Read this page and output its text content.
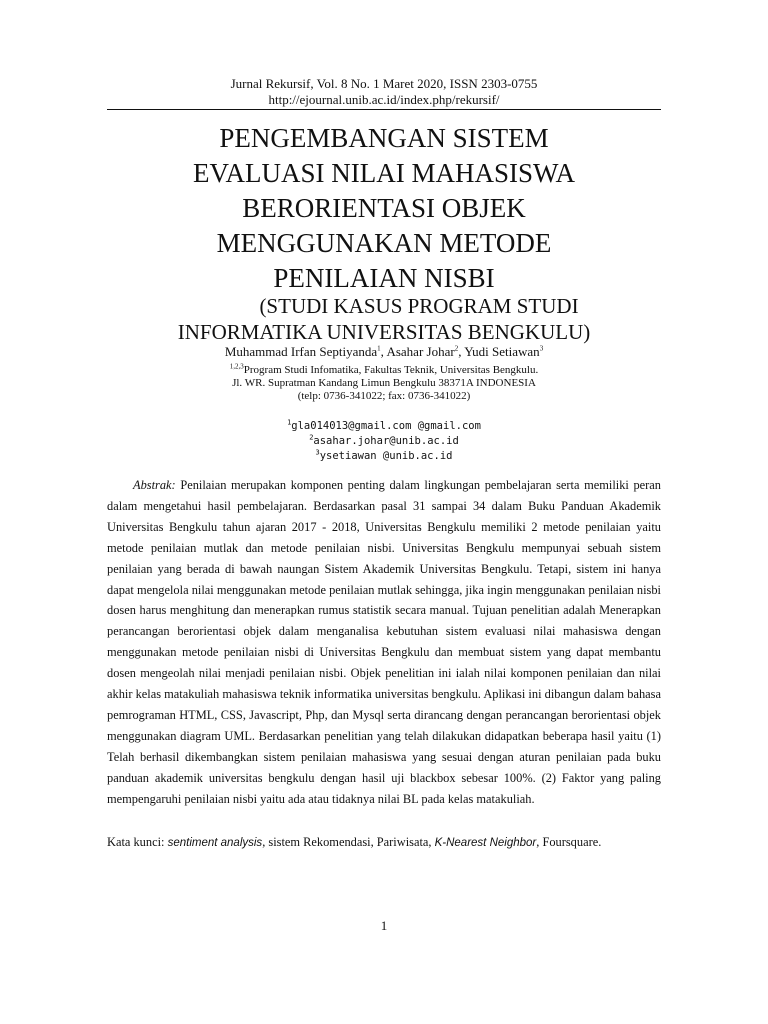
Jurnal Rekursif, Vol. 8 No. 1 Maret 2020, ISSN 2303-0755
http://ejournal.unib.ac.id/index.php/rekursif/
PENGEMBANGAN SISTEM
EVALUASI NILAI MAHASISWA
BERORIENTASI OBJEK
MENGGUNAKAN METODE
PENILAIAN NISBI
(STUDI KASUS PROGRAM STUDI
INFORMATIKA UNIVERSITAS BENGKULU)
Muhammad Irfan Septiyanda$^1$, Asahar Johar$^2$, Yudi Setiawan$^3$
$^{1,2,3}$Program Studi Infomatika, Fakultas Teknik, Universitas Bengkulu.
Jl. WR. Supratman Kandang Limun Bengkulu 38371A INDONESIA
(telp: 0736-341022; fax: 0736-341022)
$^1$gla014013@gmail.com @gmail.com
$^2$asahar.johar@unib.ac.id
$^3$ysetiawan @unib.ac.id

Abstrak: Penilaian merupakan komponen penting dalam lingkungan pembelajaran serta memiliki peran dalam mengetahui hasil pembelajaran. Berdasarkan pasal 31 sampai 34 dalam Buku Panduan Akademik Universitas Bengkulu tahun ajaran 2017 - 2018, Universitas Bengkulu memiliki 2 metode penilaian yaitu metode penilaian mutlak dan metode penilaian nisbi. Universitas Bengkulu mempunyai sebuah sistem penilaian yang berada di bawah naungan Sistem Akademik Universitas Bengkulu. Tetapi, sistem ini hanya dapat mengelola nilai menggunakan metode penilaian mutlak sehingga, jika ingin menggunakan penilaian nisbi dosen harus menghitung dan menerapkan rumus statistik secara manual. Tujuan penelitian adalah Menerapkan perancangan berorientasi objek dalam menganalisa kebutuhan sistem evaluasi nilai mahasiswa dengan menggunakan metode penilaian nisbi di Universitas Bengkulu dan membuat sistem yang dapat membantu dosen mengeolah nilai menjadi penilaian nisbi. Objek penelitian ini ialah nilai komponen penilaian dan nilai akhir kelas matakuliah mahasiswa teknik informatika universitas bengkulu. Aplikasi ini dibangun dalam bahasa pemrograman HTML, CSS, Javascript, Php, dan Mysql serta dirancang dengan perancangan berorientasi objek menggunakan diagram UML. Berdasarkan penelitian yang telah dilakukan didapatkan beberapa hasil yaitu (1) Telah berhasil dikembangkan sistem penilaian mahasiswa yang sesuai dengan aturan penilaian pada buku panduan akademik universitas bengkulu dengan hasil uji blackbox sebesar 100%. (2) Faktor yang paling mempengaruhi penilaian nisbi yaitu ada atau tidaknya nilai BL pada kelas matakuliah.

Kata kunci: sentiment analysis, sistem Rekomendasi, Pariwisata, K-Nearest Neighbor, Foursquare.
1
